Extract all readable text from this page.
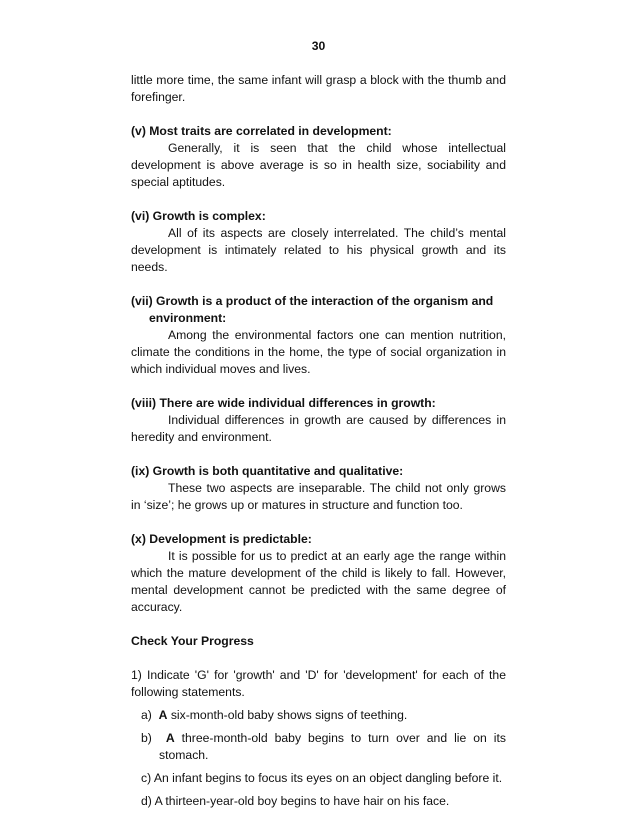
30

little more time, the same infant will grasp a block with the thumb and forefinger.

(v) Most traits are correlated in development:

Generally, it is seen that the child whose intellectual development is above average is so in health size, sociability and special aptitudes.

(vi) Growth is complex:

All of its aspects are closely interrelated. The child’s mental development is intimately related to his physical growth and its needs.

(vii) Growth is a product of the interaction of the organism and environment:

Among the environmental factors one can mention nutrition, climate the conditions in the home, the type of social organization in which individual moves and lives.

(viii) There are wide individual differences in growth:

Individual differences in growth are caused by differences in heredity and environment.

(ix) Growth is both quantitative and qualitative:

These two aspects are inseparable. The child not only grows in ‘size’; he grows up or matures in structure and function too.

(x) Development is predictable:

It is possible for us to predict at an early age the range within which the mature development of the child is likely to fall. However, mental development cannot be predicted with the same degree of accuracy.

Check Your Progress

1) Indicate 'G' for 'growth' and 'D' for 'development' for each of the following statements.

a) A six-month-old baby shows signs of teething.
b) A three-month-old baby begins to turn over and lie on its stomach.
c) An infant begins to focus its eyes on an object dangling before it.
d) A thirteen-year-old boy begins to have hair on his face.
